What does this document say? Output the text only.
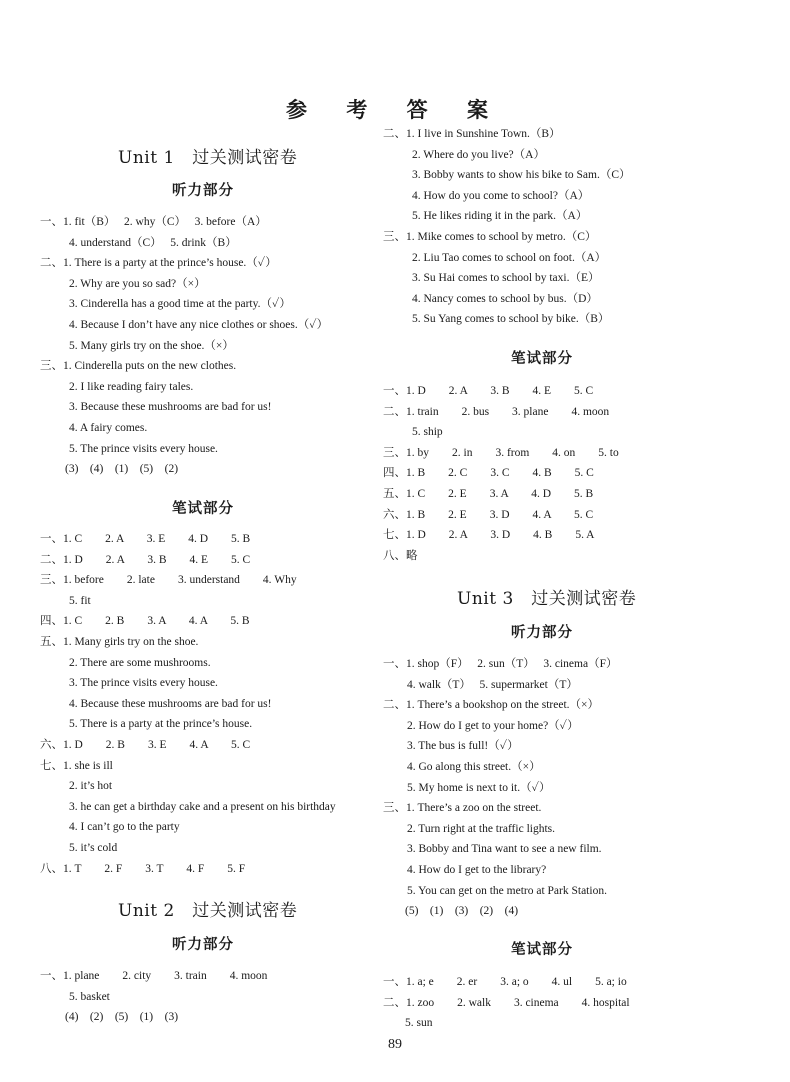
参 考 答 案
Unit 1　过关测试密卷
听力部分
一、1. fit（B）　 2. why（C）　 3. before（A）
4. understand（C）　 5. drink（B）
二、1. There is a party at the prince’s house.（✓）
2. Why are you so sad?（×）
3. Cinderella has a good time at the party.（✓）
4. Because I don’t have any nice clothes or shoes.（✓）
5. Many girls try on the shoe.（×）
三、1. Cinderella puts on the new clothes.
2. I like reading fairy tales.
3. Because these mushrooms are bad for us!
4. A fairy comes.
5. The prince visits every house.
(3)　(4)　(1)　(5)　(2)
笔试部分
一、1. C　　2. A　　3. E　　4. D　　5. B
二、1. D　　2. A　　3. B　　4. E　　5. C
三、1. before　　2. late　　3. understand　　4. Why
5. fit
四、1. C　　2. B　　3. A　　4. A　　5. B
五、1. Many girls try on the shoe.
2. There are some mushrooms.
3. The prince visits every house.
4. Because these mushrooms are bad for us!
5. There is a party at the prince’s house.
六、1. D　　2. B　　3. E　　4. A　　5. C
七、1. she is ill
2. it’s hot
3. he can get a birthday cake and a present on his birthday
4. I can’t go to the party
5. it’s cold
八、1. T　　2. F　　3. T　　4. F　　5. F
Unit 2　过关测试密卷
听力部分
一、1. plane　　2. city　　3. train　　4. moon
5. basket
(4)　(2)　(5)　(1)　(3)
二、1. I live in Sunshine Town.（B）
2. Where do you live?（A）
3. Bobby wants to show his bike to Sam.（C）
4. How do you come to school?（A）
5. He likes riding it in the park.（A）
三、1. Mike comes to school by metro.（C）
2. Liu Tao comes to school on foot.（A）
3. Su Hai comes to school by taxi.（E）
4. Nancy comes to school by bus.（D）
5. Su Yang comes to school by bike.（B）
笔试部分
一、1. D　　2. A　　3. B　　4. E　　5. C
二、1. train　　2. bus　　3. plane　　4. moon
5. ship
三、1. by　　2. in　　3. from　　4. on　　5. to
四、1. B　　2. C　　3. C　　4. B　　5. C
五、1. C　　2. E　　3. A　　4. D　　5. B
六、1. B　　2. E　　3. D　　4. A　　5. C
七、1. D　　2. A　　3. D　　4. B　　5. A
八、略
Unit 3　过关测试密卷
听力部分
一、1. shop（F）　 2. sun（T）　 3. cinema（F）
4. walk（T）　 5. supermarket（T）
二、1. There’s a bookshop on the street.（×）
2. How do I get to your home?（✓）
3. The bus is full!（✓）
4. Go along this street.（×）
5. My home is next to it.（✓）
三、1. There’s a zoo on the street.
2. Turn right at the traffic lights.
3. Bobby and Tina want to see a new film.
4. How do I get to the library?
5. You can get on the metro at Park Station.
(5)　(1)　(3)　(2)　(4)
笔试部分
一、1. a; e　　2. er　　3. a; o　　4. ul　　5. a; io
二、1. zoo　　2. walk　　3. cinema　　4. hospital
5. sun
89
